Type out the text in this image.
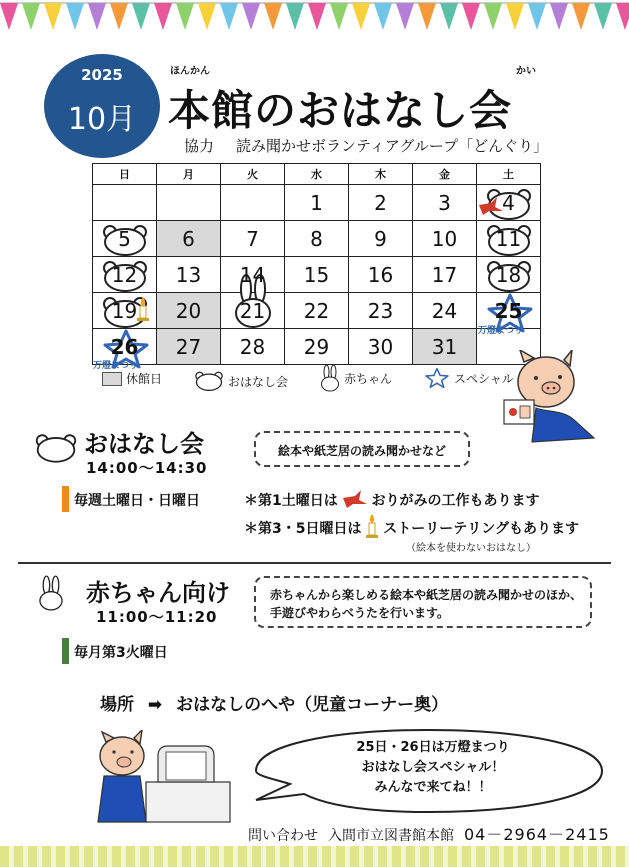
2025
10月
ほんかん	かい
本館のおはなし会
協力 読み聞かせボランティアグループ「どんぐり」
日	月	火	水	木	金	土
			1	2	3	4

5	6	7	8	9	10	11

12	13	14	15	16	17	18

19	20	21	22	23	24	25

26	27	28	29	30	31	
万燈まつり
万燈まつり
休館日	おはなし会	赤ちゃん	スペシャル
おはなし会
14:00〜14:30
毎週土曜日・日曜日
絵本や紙芝居の読み聞かせなど
＊第1土曜日は おりがみの工作もあります
＊第3・5日曜日は ストーリーテリングもあります
（絵本を使わないおはなし）
赤ちゃん向け
11:00〜11:20
毎月第3火曜日
赤ちゃんから楽しめる絵本や紙芝居の読み聞かせのほか、
手遊びやわらべうたを行います。
場所 ➡ おはなしのへや（児童コーナー奥）
25日・26日は万燈まつり
おはなし会スペシャル！
みんなで来てね！！
問い合わせ 入間市立図書館本館 04－2964－2415
